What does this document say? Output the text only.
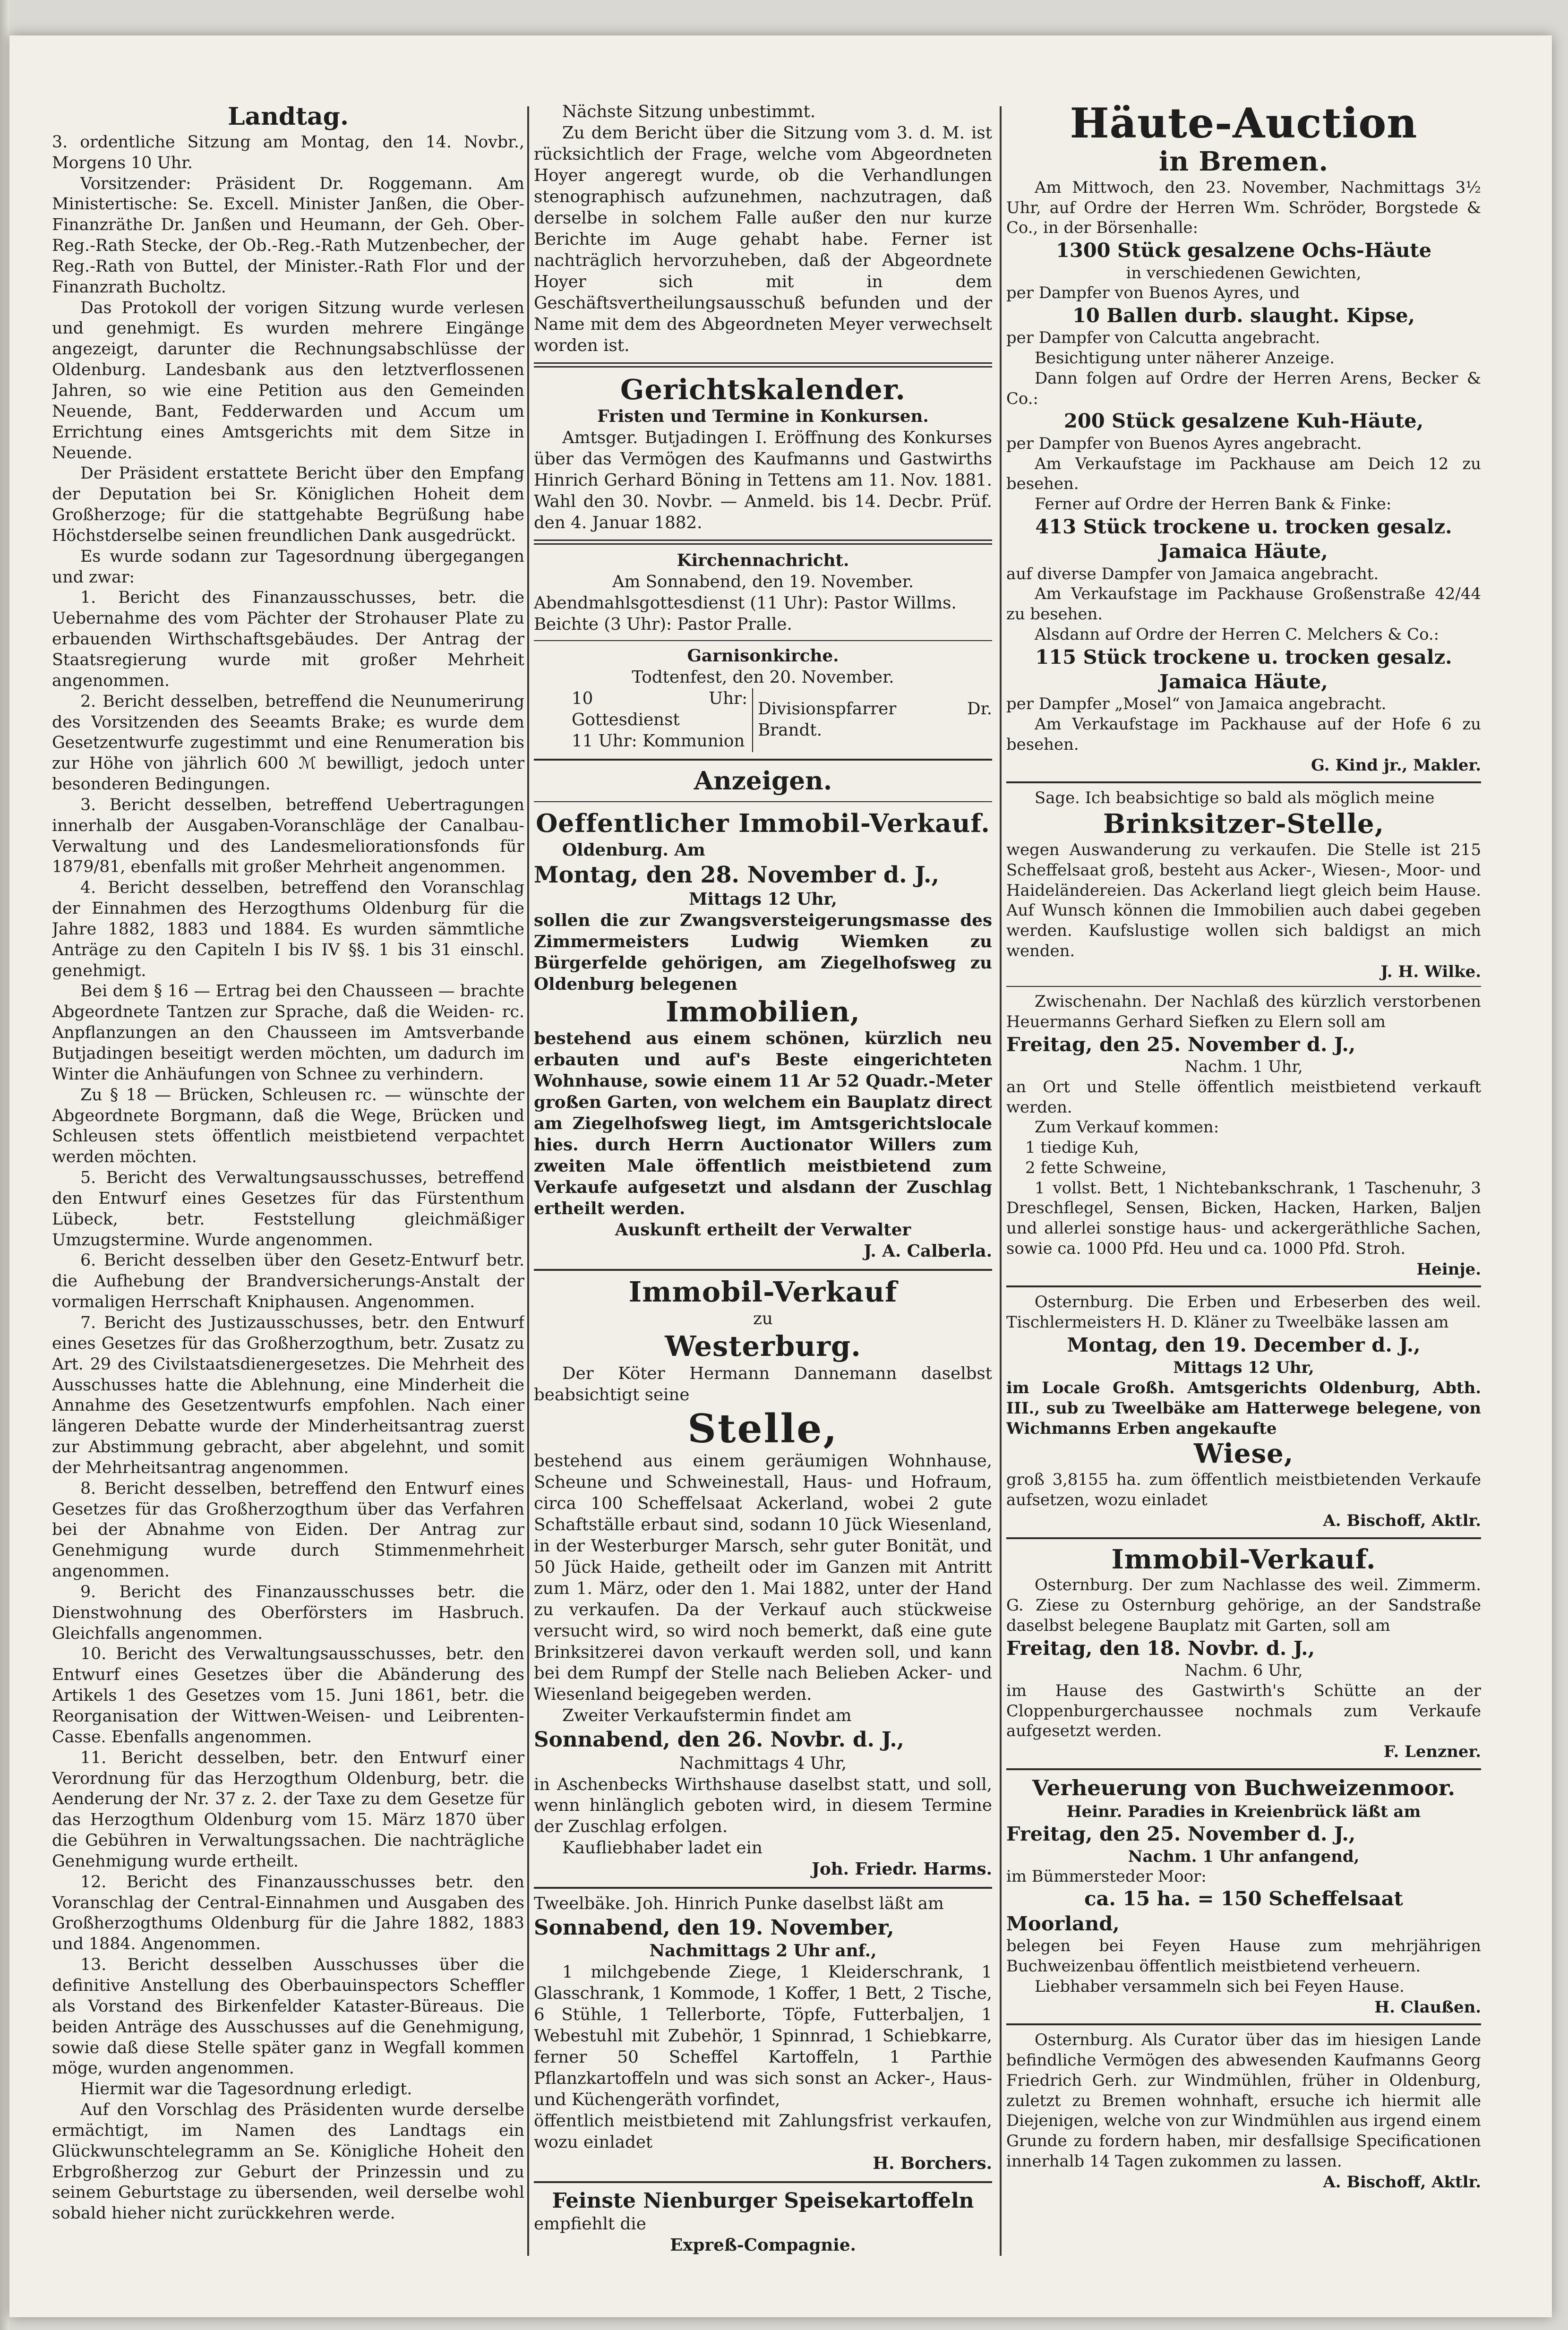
Landtag.

3. ordentliche Sitzung am Montag, den 14. Novbr., Morgens 10 Uhr.

Vorsitzender: Präsident Dr. Roggemann. Am Ministertische: Se. Excell. Minister Janßen, die Ober-Finanzräthe Dr. Janßen und Heumann, der Geh. Ober-Reg.-Rath Stecke, der Ob.-Reg.-Rath Mutzenbecher, der Reg.-Rath von Buttel, der Minister.-Rath Flor und der Finanzrath Bucholtz.

Das Protokoll der vorigen Sitzung wurde verlesen und genehmigt. Es wurden mehrere Eingänge angezeigt, darunter die Rechnungsabschlüsse der Oldenburg. Landesbank aus den letztverflossenen Jahren, so wie eine Petition aus den Gemeinden Neuende, Bant, Fedderwarden und Accum um Errichtung eines Amtsgerichts mit dem Sitze in Neuende.

Der Präsident erstattete Bericht über den Empfang der Deputation bei Sr. Königlichen Hoheit dem Großherzoge; für die stattgehabte Begrüßung habe Höchstderselbe seinen freundlichen Dank ausgedrückt.

Es wurde sodann zur Tagesordnung übergegangen und zwar:

1. Bericht des Finanzausschusses, betr. die Uebernahme des vom Pächter der Strohauser Plate zu erbauenden Wirthschaftsgebäudes. Der Antrag der Staatsregierung wurde mit großer Mehrheit angenommen.

2. Bericht desselben, betreffend die Neunumerirung des Vorsitzenden des Seeamts Brake; es wurde dem Gesetzentwurfe zugestimmt und eine Renumeration bis zur Höhe von jährlich 600 ℳ bewilligt, jedoch unter besonderen Bedingungen.

3. Bericht desselben, betreffend Uebertragungen innerhalb der Ausgaben-Voranschläge der Canalbau-Verwaltung und des Landesmeliorationsfonds für 1879/81, ebenfalls mit großer Mehrheit angenommen.

4. Bericht desselben, betreffend den Voranschlag der Einnahmen des Herzogthums Oldenburg für die Jahre 1882, 1883 und 1884. Es wurden sämmtliche Anträge zu den Capiteln I bis IV §§. 1 bis 31 einschl. genehmigt.

Bei dem § 16 — Ertrag bei den Chausseen — brachte Abgeordnete Tantzen zur Sprache, daß die Weiden- rc. Anpflanzungen an den Chausseen im Amtsverbande Butjadingen beseitigt werden möchten, um dadurch im Winter die Anhäufungen von Schnee zu verhindern.

Zu § 18 — Brücken, Schleusen rc. — wünschte der Abgeordnete Borgmann, daß die Wege, Brücken und Schleusen stets öffentlich meistbietend verpachtet werden möchten.

5. Bericht des Verwaltungsausschusses, betreffend den Entwurf eines Gesetzes für das Fürstenthum Lübeck, betr. Feststellung gleichmäßiger Umzugstermine. Wurde angenommen.

6. Bericht desselben über den Gesetz-Entwurf betr. die Aufhebung der Brandversicherungs-Anstalt der vormaligen Herrschaft Kniphausen. Angenommen.

7. Bericht des Justizausschusses, betr. den Entwurf eines Gesetzes für das Großherzogthum, betr. Zusatz zu Art. 29 des Civilstaatsdienergesetzes. Die Mehrheit des Ausschusses hatte die Ablehnung, eine Minderheit die Annahme des Gesetzentwurfs empfohlen. Nach einer längeren Debatte wurde der Minderheitsantrag zuerst zur Abstimmung gebracht, aber abgelehnt, und somit der Mehrheitsantrag angenommen.

8. Bericht desselben, betreffend den Entwurf eines Gesetzes für das Großherzogthum über das Verfahren bei der Abnahme von Eiden. Der Antrag zur Genehmigung wurde durch Stimmenmehrheit angenommen.

9. Bericht des Finanzausschusses betr. die Dienstwohnung des Oberförsters im Hasbruch. Gleichfalls angenommen.

10. Bericht des Verwaltungsausschusses, betr. den Entwurf eines Gesetzes über die Abänderung des Artikels 1 des Gesetzes vom 15. Juni 1861, betr. die Reorganisation der Wittwen-Weisen- und Leibrenten-Casse. Ebenfalls angenommen.

11. Bericht desselben, betr. den Entwurf einer Verordnung für das Herzogthum Oldenburg, betr. die Aenderung der Nr. 37 z. 2. der Taxe zu dem Gesetze für das Herzogthum Oldenburg vom 15. März 1870 über die Gebühren in Verwaltungssachen. Die nachträgliche Genehmigung wurde ertheilt.

12. Bericht des Finanzausschusses betr. den Voranschlag der Central-Einnahmen und Ausgaben des Großherzogthums Oldenburg für die Jahre 1882, 1883 und 1884. Angenommen.

13. Bericht desselben Ausschusses über die definitive Anstellung des Oberbauinspectors Scheffler als Vorstand des Birkenfelder Kataster-Büreaus. Die beiden Anträge des Ausschusses auf die Genehmigung, sowie daß diese Stelle später ganz in Wegfall kommen möge, wurden angenommen.

Hiermit war die Tagesordnung erledigt.

Auf den Vorschlag des Präsidenten wurde derselbe ermächtigt, im Namen des Landtags ein Glückwunschtelegramm an Se. Königliche Hoheit den Erbgroßherzog zur Geburt der Prinzessin und zu seinem Geburtstage zu übersenden, weil derselbe wohl sobald hieher nicht zurückkehren werde.

Nächste Sitzung unbestimmt.

Zu dem Bericht über die Sitzung vom 3. d. M. ist rücksichtlich der Frage, welche vom Abgeordneten Hoyer angeregt wurde, ob die Verhandlungen stenographisch aufzunehmen, nachzutragen, daß derselbe in solchem Falle außer den nur kurze Berichte im Auge gehabt habe. Ferner ist nachträglich hervorzuheben, daß der Abgeordnete Hoyer sich mit in dem Geschäftsvertheilungsausschuß befunden und der Name mit dem des Abgeordneten Meyer verwechselt worden ist.

Gerichtskalender.
Fristen und Termine in Konkursen.

Amtsger. Butjadingen I. Eröffnung des Konkurses über das Vermögen des Kaufmanns und Gastwirths Hinrich Gerhard Böning in Tettens am 11. Nov. 1881. Wahl den 30. Novbr. — Anmeld. bis 14. Decbr. Prüf. den 4. Januar 1882.

Kirchennachricht.
Am Sonnabend, den 19. November.
Abendmahlsgottesdienst (11 Uhr): Pastor Willms.
Beichte (3 Uhr): Pastor Pralle.
Garnisonkirche.
Todtenfest, den 20. November.
10 Uhr: Gottesdienst
11 Uhr: Kommunion
Divisionspfarrer Dr. Brandt.
Anzeigen.
Oeffentlicher Immobil-Verkauf.
Oldenburg. Am
Montag, den 28. November d. J.,
Mittags 12 Uhr,

sollen die zur Zwangsversteigerungsmasse des Zimmermeisters Ludwig Wiemken zu Bürgerfelde gehörigen, am Ziegelhofsweg zu Oldenburg belegenen

Immobilien,

bestehend aus einem schönen, kürzlich neu erbauten und auf's Beste eingerichteten Wohnhause, sowie einem 11 Ar 52 Quadr.-Meter großen Garten, von welchem ein Bauplatz direct am Ziegelhofsweg liegt, im Amtsgerichtslocale hies. durch Herrn Auctionator Willers zum zweiten Male öffentlich meistbietend zum Verkaufe aufgesetzt und alsdann der Zuschlag ertheilt werden.

Auskunft ertheilt der Verwalter
J. A. Calberla.
Immobil-Verkauf
zu
Westerburg.

Der Köter Hermann Dannemann daselbst beabsichtigt seine

Stelle,

bestehend aus einem geräumigen Wohnhause, Scheune und Schweinestall, Haus- und Hofraum, circa 100 Scheffelsaat Ackerland, wobei 2 gute Schaftställe erbaut sind, sodann 10 Jück Wiesenland, in der Westerburger Marsch, sehr guter Bonität, und 50 Jück Haide, getheilt oder im Ganzen mit Antritt zum 1. März, oder den 1. Mai 1882, unter der Hand zu verkaufen. Da der Verkauf auch stückweise versucht wird, so wird noch bemerkt, daß eine gute Brinksitzerei davon verkauft werden soll, und kann bei dem Rumpf der Stelle nach Belieben Acker- und Wiesenland beigegeben werden.

Zweiter Verkaufstermin findet am

Sonnabend, den 26. Novbr. d. J.,
Nachmittags 4 Uhr,

in Aschenbecks Wirthshause daselbst statt, und soll, wenn hinlänglich geboten wird, in diesem Termine der Zuschlag erfolgen.

Kaufliebhaber ladet ein

Joh. Friedr. Harms.

Tweelbäke. Joh. Hinrich Punke daselbst läßt am

Sonnabend, den 19. November,
Nachmittags 2 Uhr anf.,

1 milchgebende Ziege, 1 Kleiderschrank, 1 Glasschrank, 1 Kommode, 1 Koffer, 1 Bett, 2 Tische, 6 Stühle, 1 Tellerborte, Töpfe, Futterbaljen, 1 Webestuhl mit Zubehör, 1 Spinnrad, 1 Schiebkarre, ferner 50 Scheffel Kartoffeln, 1 Parthie Pflanzkartoffeln und was sich sonst an Acker-, Haus- und Küchengeräth vorfindet,

öffentlich meistbietend mit Zahlungsfrist verkaufen, wozu einladet

H. Borchers.
Feinste Nienburger Speisekartoffeln
empfiehlt die
Expreß-Compagnie.
Häute-Auction
in Bremen.

Am Mittwoch, den 23. November, Nachmittags 3½ Uhr, auf Ordre der Herren Wm. Schröder, Borgstede & Co., in der Börsenhalle:

1300 Stück gesalzene Ochs-Häute
in verschiedenen Gewichten,
per Dampfer von Buenos Ayres, und
10 Ballen durb. slaught. Kipse,
per Dampfer von Calcutta angebracht.

Besichtigung unter näherer Anzeige.

Dann folgen auf Ordre der Herren Arens, Becker & Co.:

200 Stück gesalzene Kuh-Häute,
per Dampfer von Buenos Ayres angebracht.

Am Verkaufstage im Packhause am Deich 12 zu besehen.

Ferner auf Ordre der Herren Bank & Finke:

413 Stück trockene u. trocken gesalz.
Jamaica Häute,
auf diverse Dampfer von Jamaica angebracht.

Am Verkaufstage im Packhause Großenstraße 42/44 zu besehen.

Alsdann auf Ordre der Herren C. Melchers & Co.:

115 Stück trockene u. trocken gesalz.
Jamaica Häute,
per Dampfer „Mosel“ von Jamaica angebracht.

Am Verkaufstage im Packhause auf der Hofe 6 zu besehen.

G. Kind jr., Makler.

Sage. Ich beabsichtige so bald als möglich meine

Brinksitzer-Stelle,

wegen Auswanderung zu verkaufen. Die Stelle ist 215 Scheffelsaat groß, besteht aus Acker-, Wiesen-, Moor- und Haideländereien. Das Ackerland liegt gleich beim Hause. Auf Wunsch können die Immobilien auch dabei gegeben werden. Kaufslustige wollen sich baldigst an mich wenden.

J. H. Wilke.

Zwischenahn. Der Nachlaß des kürzlich verstorbenen Heuermanns Gerhard Siefken zu Elern soll am

Freitag, den 25. November d. J.,
Nachm. 1 Uhr,
an Ort und Stelle öffentlich meistbietend verkauft werden.

Zum Verkauf kommen:

1 tiedige Kuh,
2 fette Schweine,

1 vollst. Bett, 1 Nichtebankschrank, 1 Taschenuhr, 3 Dreschflegel, Sensen, Bicken, Hacken, Harken, Baljen und allerlei sonstige haus- und ackergeräthliche Sachen, sowie ca. 1000 Pfd. Heu und ca. 1000 Pfd. Stroh.

Heinje.

Osternburg. Die Erben und Erbeserben des weil. Tischlermeisters H. D. Kläner zu Tweelbäke lassen am

Montag, den 19. December d. J.,
Mittags 12 Uhr,

im Locale Großh. Amtsgerichts Oldenburg, Abth. III., sub zu Tweelbäke am Hatterwege belegene, von Wichmanns Erben angekaufte

Wiese,

groß 3,8155 ha. zum öffentlich meistbietenden Verkaufe aufsetzen, wozu einladet

A. Bischoff, Aktlr.
Immobil-Verkauf.

Osternburg. Der zum Nachlasse des weil. Zimmerm. G. Ziese zu Osternburg gehörige, an der Sandstraße daselbst belegene Bauplatz mit Garten, soll am

Freitag, den 18. Novbr. d. J.,
Nachm. 6 Uhr,

im Hause des Gastwirth's Schütte an der Cloppenburgerchaussee nochmals zum Verkaufe aufgesetzt werden.

F. Lenzner.
Verheuerung von Buchweizenmoor.
Heinr. Paradies in Kreienbrück läßt am
Freitag, den 25. November d. J.,
Nachm. 1 Uhr anfangend,
im Bümmersteder Moor:
ca. 15 ha. = 150 Scheffelsaat
Moorland,

belegen bei Feyen Hause zum mehrjährigen Buchweizenbau öffentlich meistbietend verheuern.

Liebhaber versammeln sich bei Feyen Hause.

H. Claußen.

Osternburg. Als Curator über das im hiesigen Lande befindliche Vermögen des abwesenden Kaufmanns Georg Friedrich Gerh. zur Windmühlen, früher in Oldenburg, zuletzt zu Bremen wohnhaft, ersuche ich hiermit alle Diejenigen, welche von zur Windmühlen aus irgend einem Grunde zu fordern haben, mir desfallsige Specificationen innerhalb 14 Tagen zukommen zu lassen.

A. Bischoff, Aktlr.
